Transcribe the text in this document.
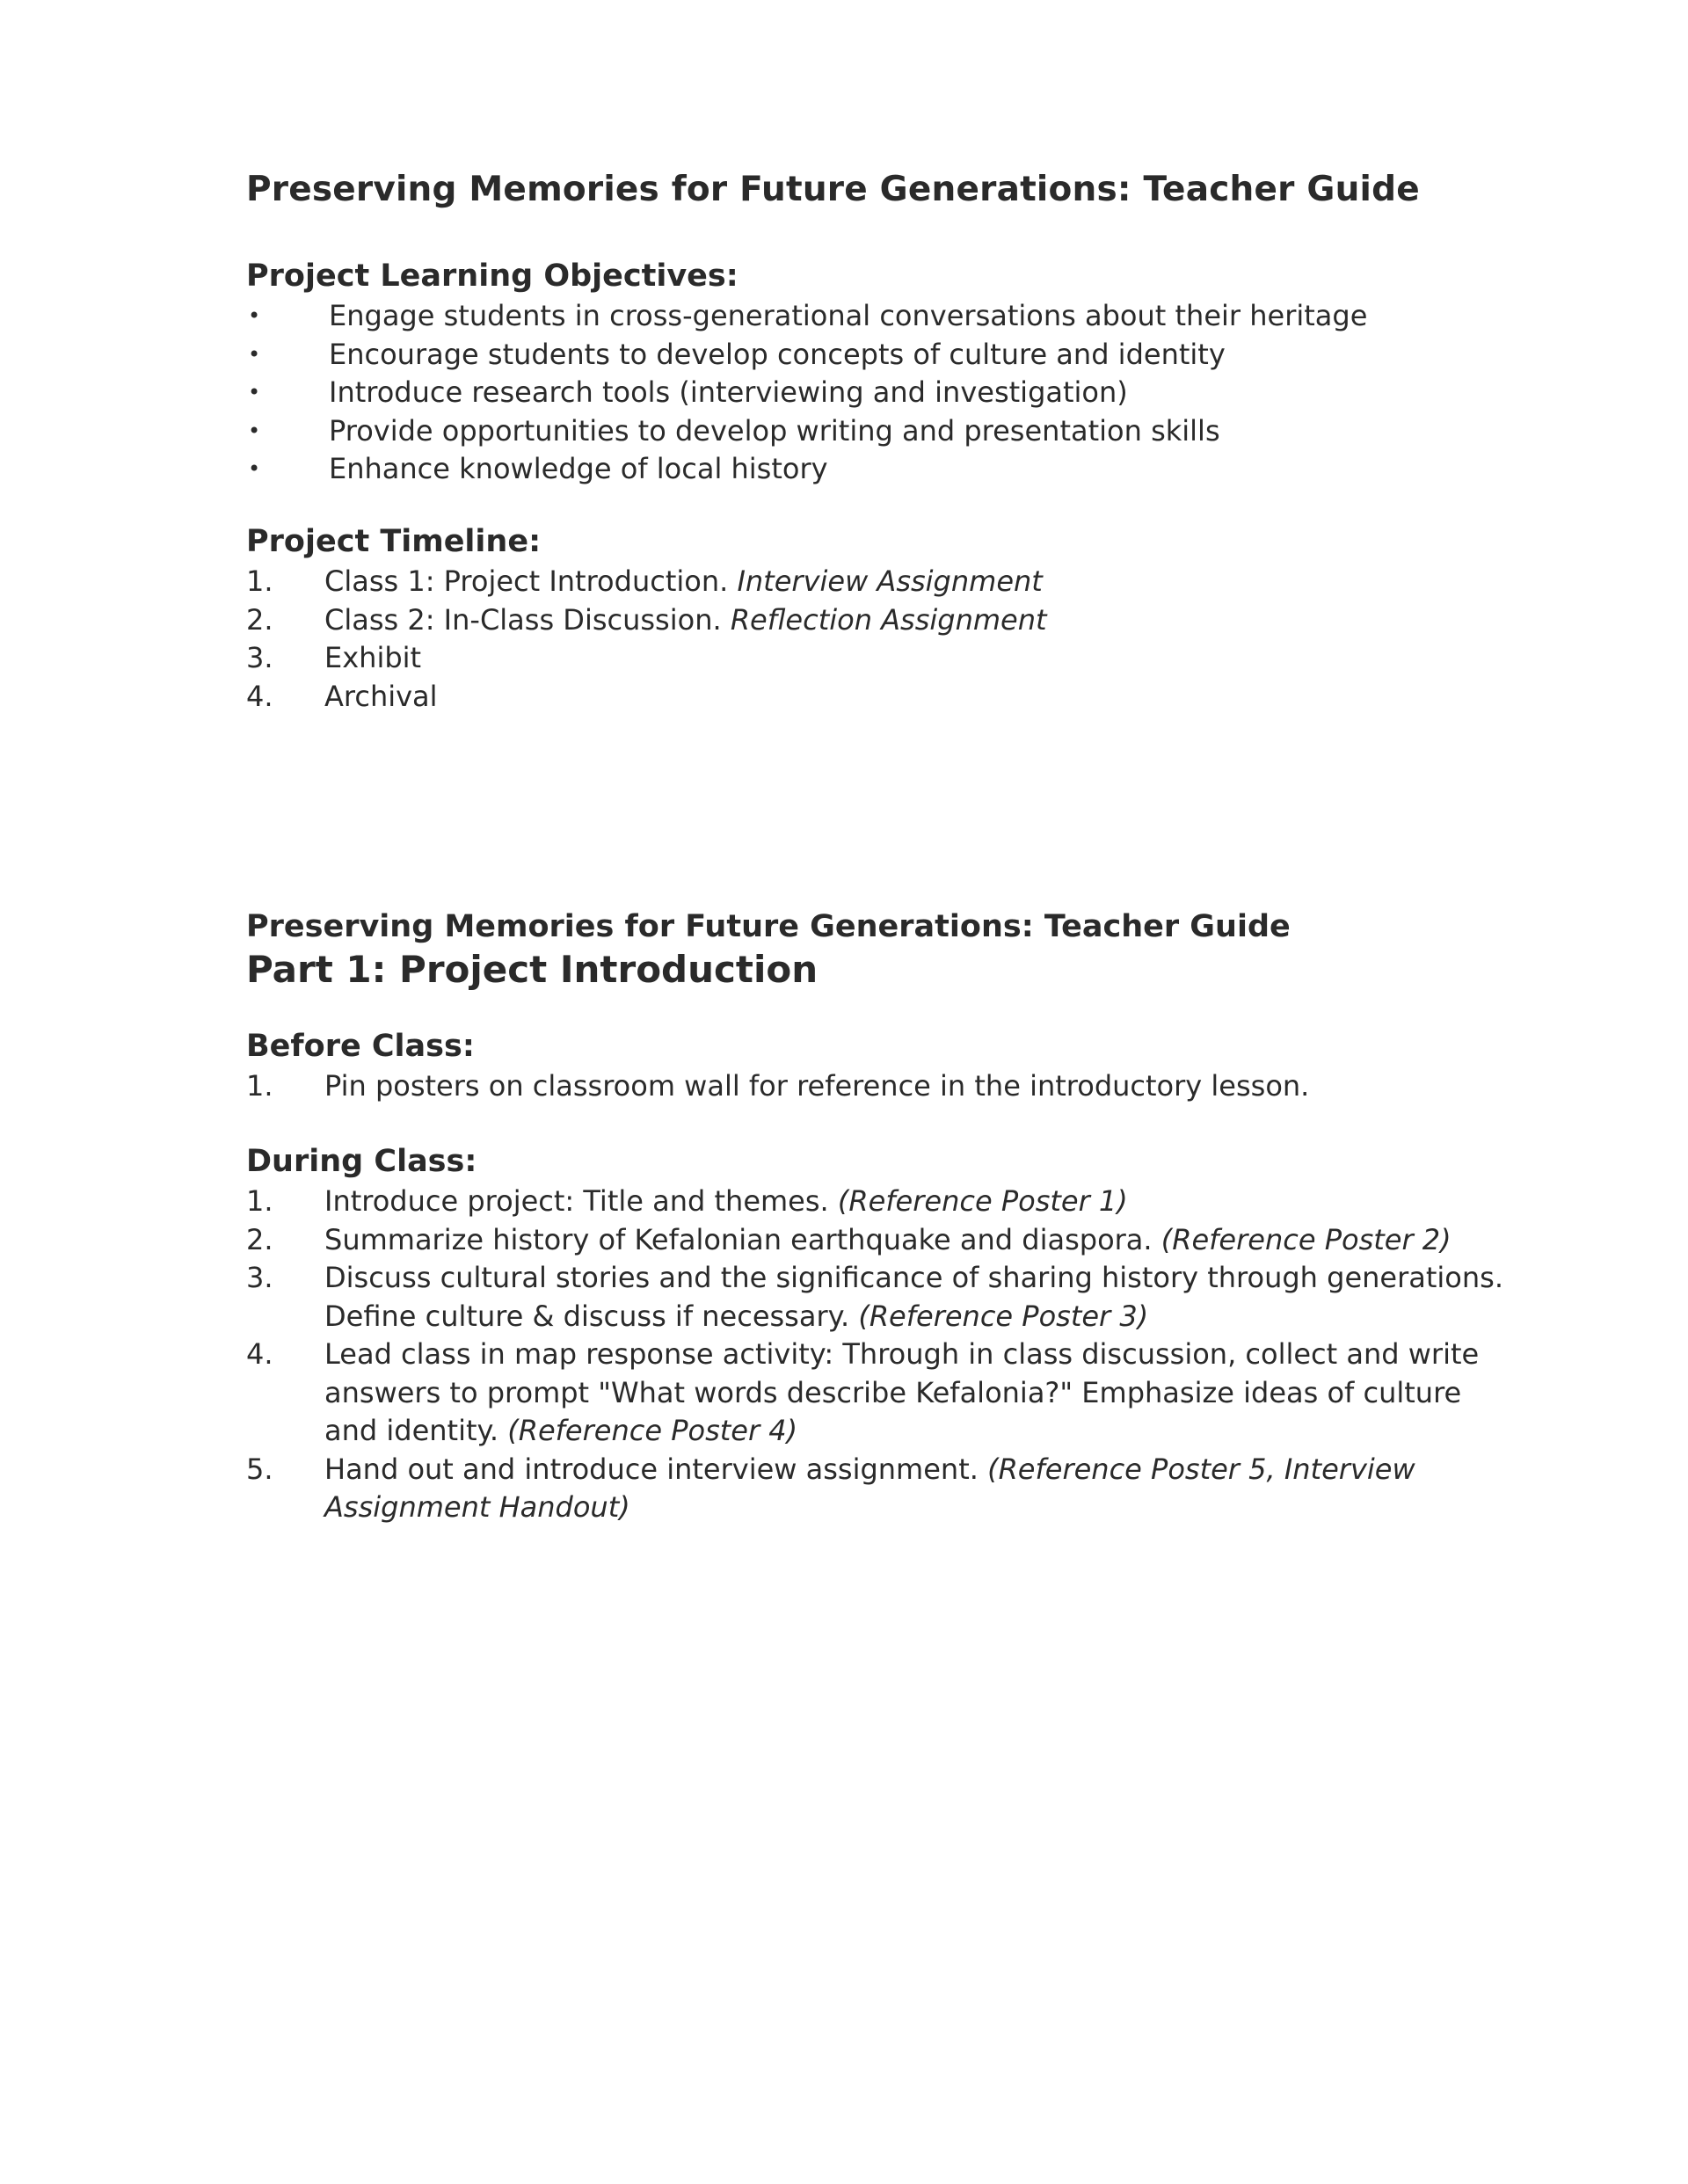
Preserving Memories for Future Generations: Teacher Guide
Project Learning Objectives:
• Engage students in cross-generational conversations about their heritage
• Encourage students to develop concepts of culture and identity
• Introduce research tools (interviewing and investigation)
• Provide opportunities to develop writing and presentation skills
• Enhance knowledge of local history
Project Timeline:
1. Class 1: Project Introduction. Interview Assignment
2. Class 2: In-Class Discussion. Reflection Assignment
3. Exhibit
4. Archival
Preserving Memories for Future Generations: Teacher Guide
Part 1: Project Introduction
Before Class:
1. Pin posters on classroom wall for reference in the introductory lesson.
During Class:
1. Introduce project: Title and themes. (Reference Poster 1)
2. Summarize history of Kefalonian earthquake and diaspora. (Reference Poster 2)
3. Discuss cultural stories and the significance of sharing history through generations.
Define culture & discuss if necessary. (Reference Poster 3)
4. Lead class in map response activity: Through in class discussion, collect and write
answers to prompt "What words describe Kefalonia?" Emphasize ideas of culture
and identity. (Reference Poster 4)
5. Hand out and introduce interview assignment. (Reference Poster 5, Interview
Assignment Handout)
